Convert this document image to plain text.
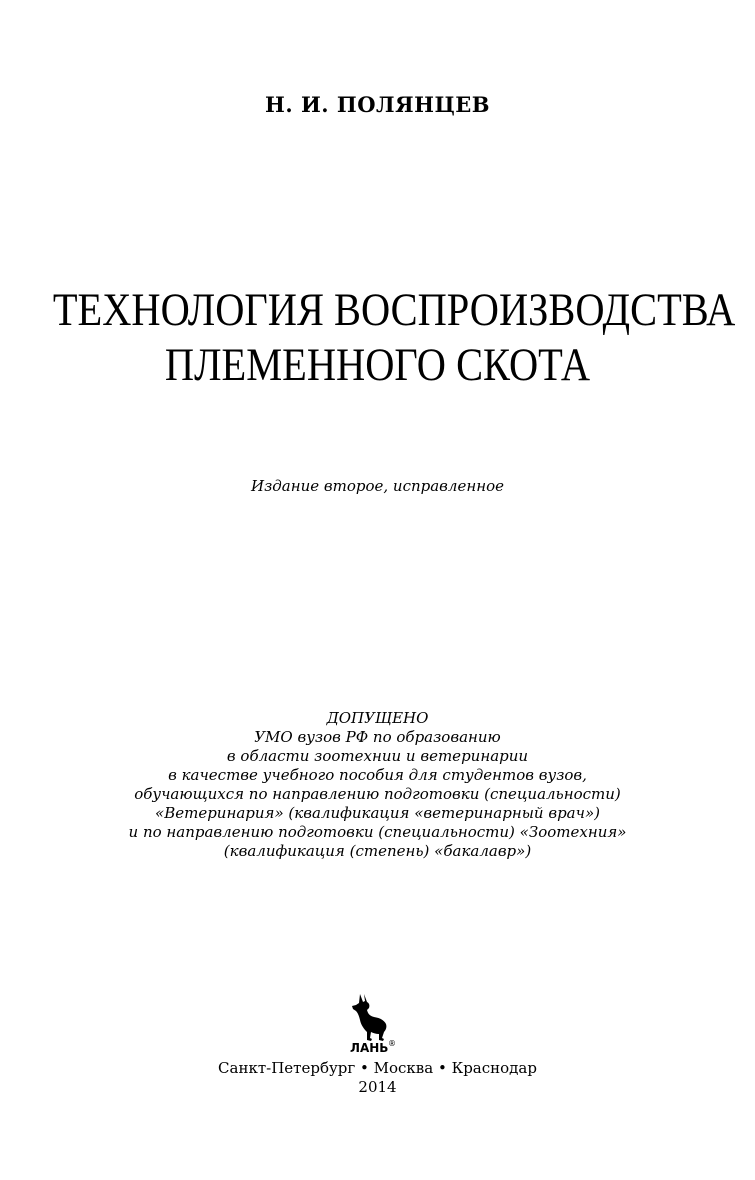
Н. И. ПОЛЯНЦЕВ
ТЕХНОЛОГИЯ ВОСПРОИЗВОДСТВА
ПЛЕМЕННОГО СКОТА
Издание второе, исправленное
ДОПУЩЕНО
УМО вузов РФ по образованию
в области зоотехнии и ветеринарии
в качестве учебного пособия для студентов вузов,
обучающихся по направлению подготовки (специальности)
«Ветеринария» (квалификация «ветеринарный врач»)
и по направлению подготовки (специальности) «Зоотехния»
(квалификация (степень) «бакалавр»)
ЛАНЬ ®
Санкт-Петербург • Москва • Краснодар
2014
